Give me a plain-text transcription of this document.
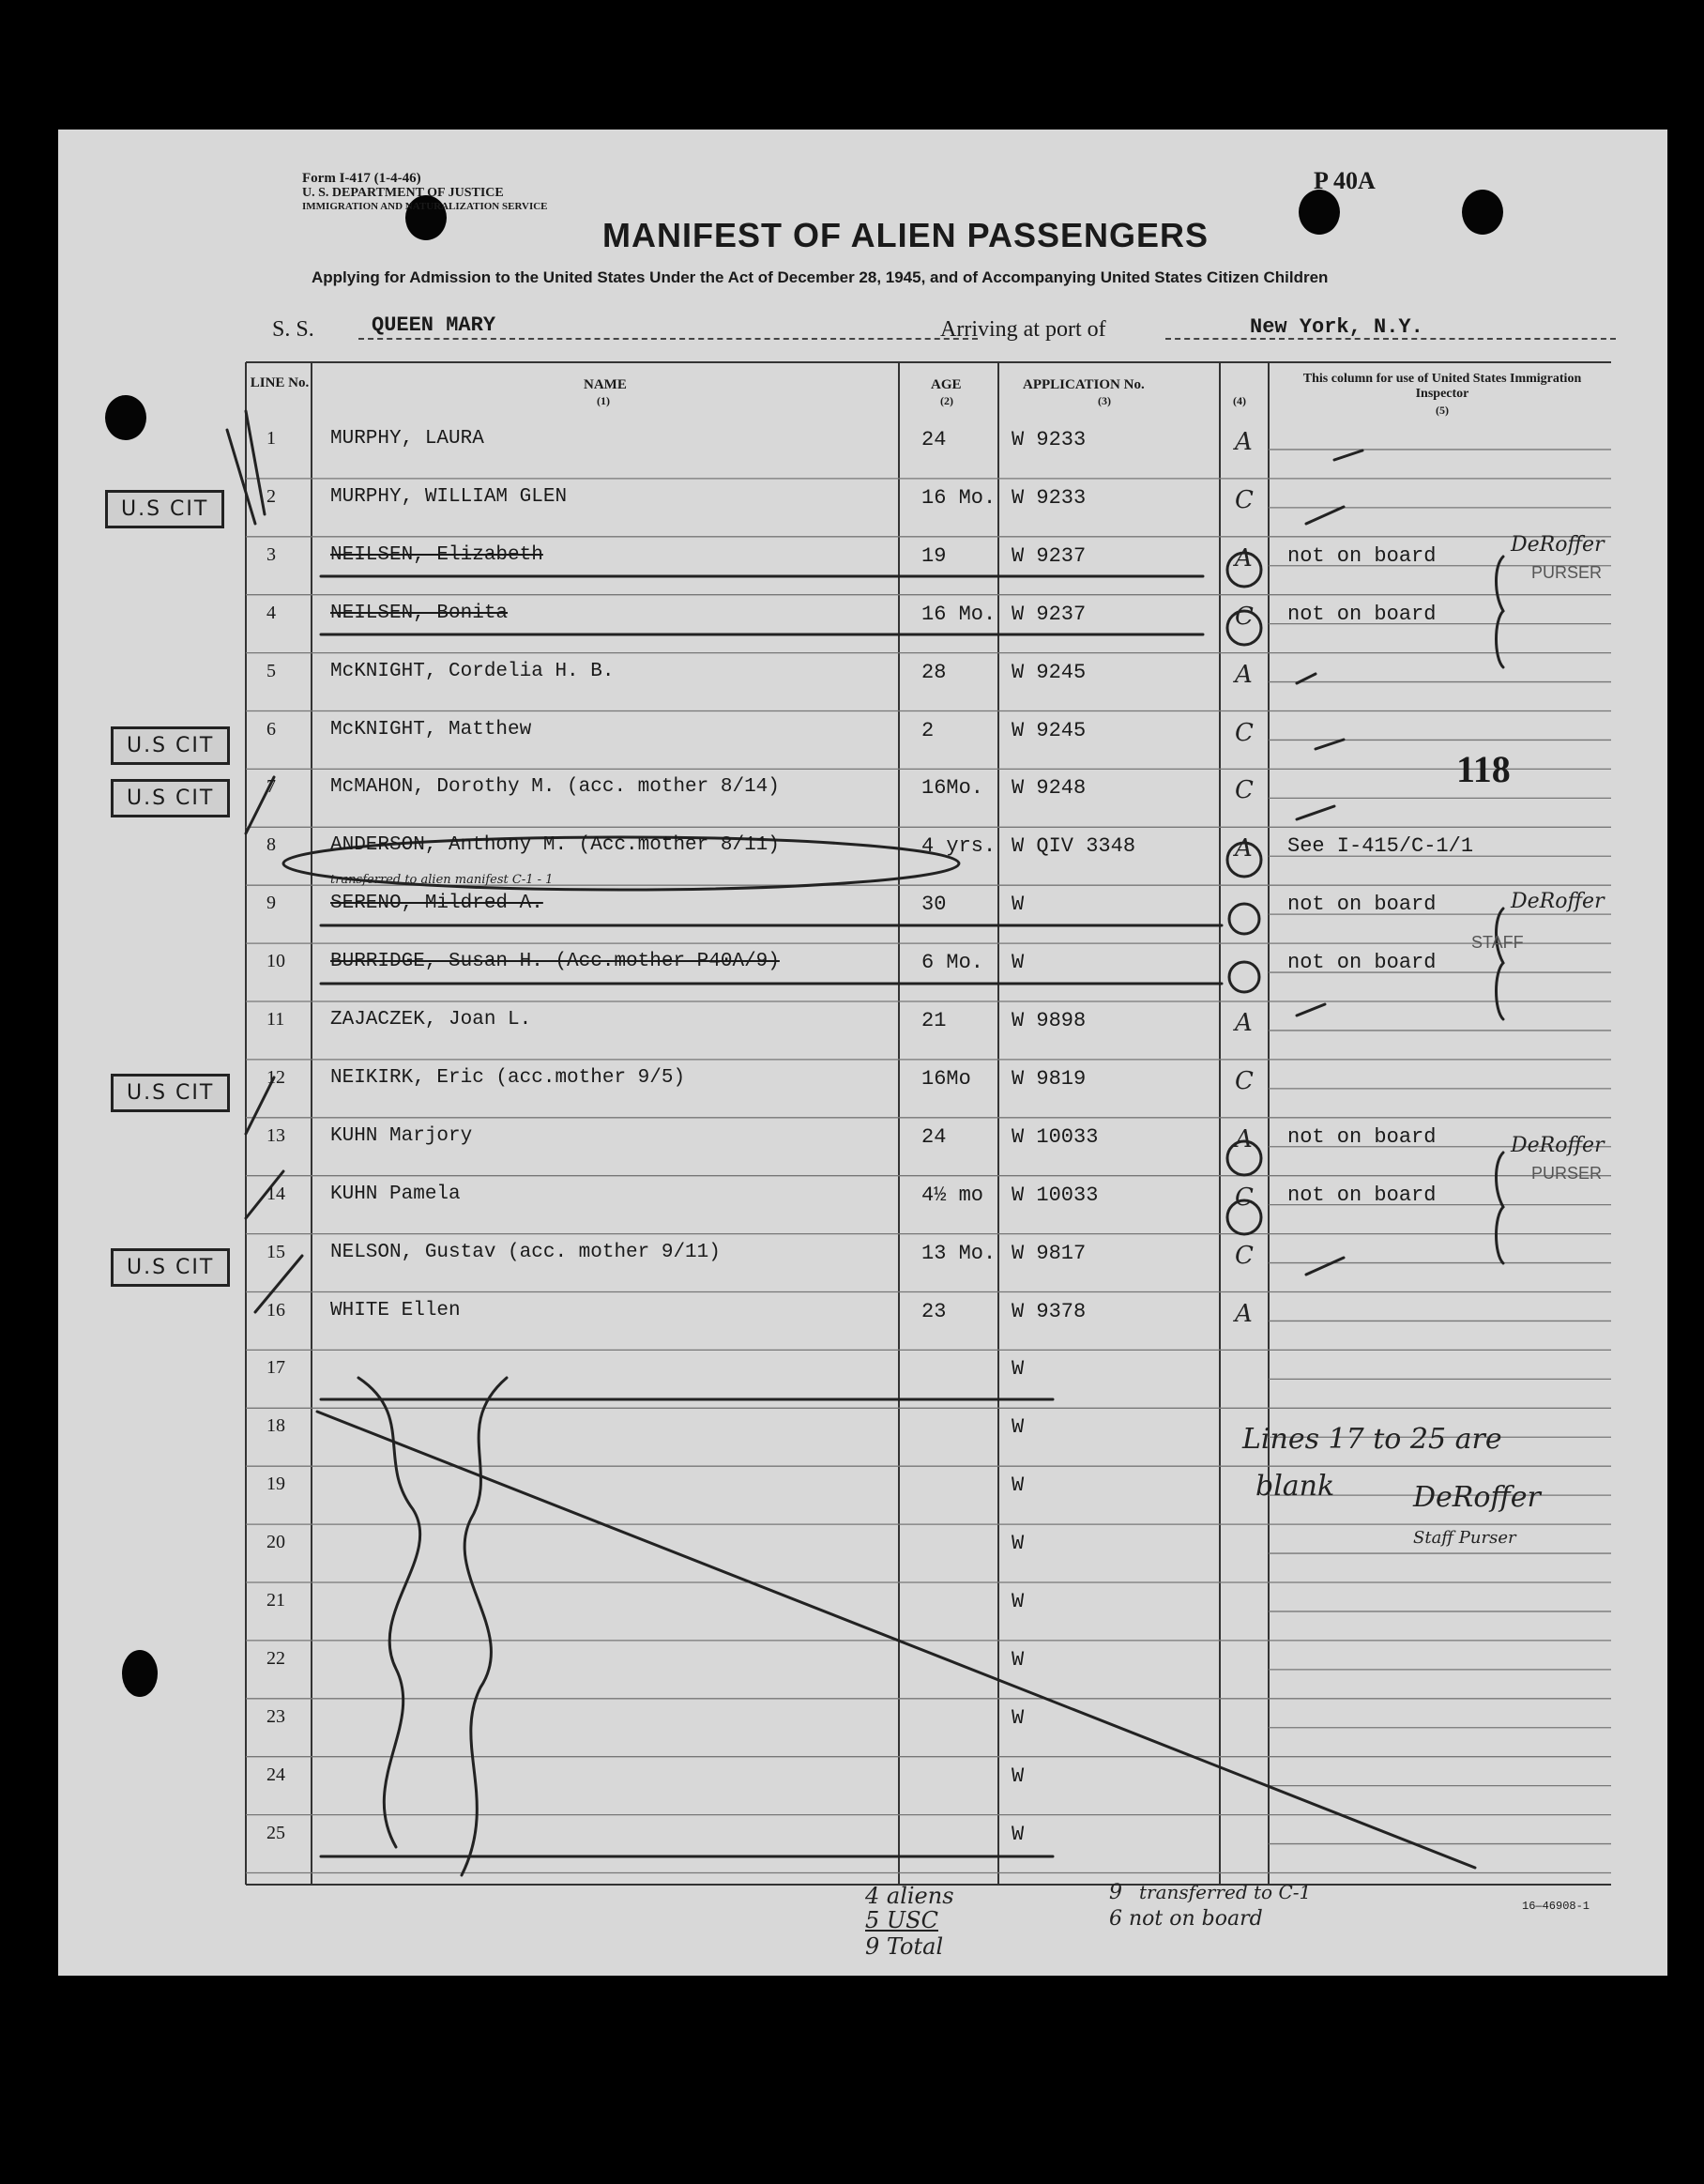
Form I-417 (1-4-46)
U. S. DEPARTMENT OF JUSTICE
IMMIGRATION AND NATURALIZATION SERVICE
P 40A
MANIFEST OF ALIEN PASSENGERS
Applying for Admission to the United States Under the Act of December 28, 1945, and of Accompanying United States Citizen Children
S. S.	QUEEN MARY	Arriving at port of	New York, N.Y.
LINE No.	NAME
(1)
AGE
(2)
APPLICATION No.
(3)	(4)
This column for use of United States Immigration Inspector
(5)
1	MURPHY, LAURA	24	W 9233	A
2	MURPHY, WILLIAM GLEN	16 Mo. W 9233	C
3	NEILSEN, Elizabeth	19	W 9237	A not on board
4	NEILSEN, Bonita	16 Mo. W 9237	C not on board
5	McKNIGHT, Cordelia H. B.	28	W 9245	A
6	McKNIGHT, Matthew	2	W 9245	C
7	McMAHON, Dorothy M. (acc. mother 8/14)	16Mo. W 9248	C
8	ANDERSON, Anthony M. (Acc.mother 8/11)	4 yrs. W QIV 3348	A See I-415/C-1/1
9	SERENO, Mildred A.	30	W	not on board
10 BURRIDGE, Susan H. (Acc.mother P40A/9)	6 Mo. W	not on board
11 ZAJACZEK, Joan L.	21	W 9898	A
12 NEIKIRK, Eric (acc.mother 9/5)	16Mo W 9819	C
13 KUHN Marjory	24	W 10033	A not on board
14 KUHN Pamela	4½ mo W 10033	C not on board
15 NELSON, Gustav (acc. mother 9/11)	13 Mo. W 9817	C
16 WHITE Ellen	23	W 9378	A
17	W
18	W
19	W
20	W
21	W
22	W
23	W
24	W
25	W
U.S CIT
U.S CIT
U.S CIT
U.S CIT
U.S CIT
118
transferred to alien manifest C-1 - 1
Lines 17 to 25 are
blank	DeRoffer
Staff Purser
DeRoffer
PURSER
DeRoffer
STAFF
DeRoffer
PURSER
4 aliens
5 USC
9 Total
9 transferred to C-1
6 not on board
16—46908-1
